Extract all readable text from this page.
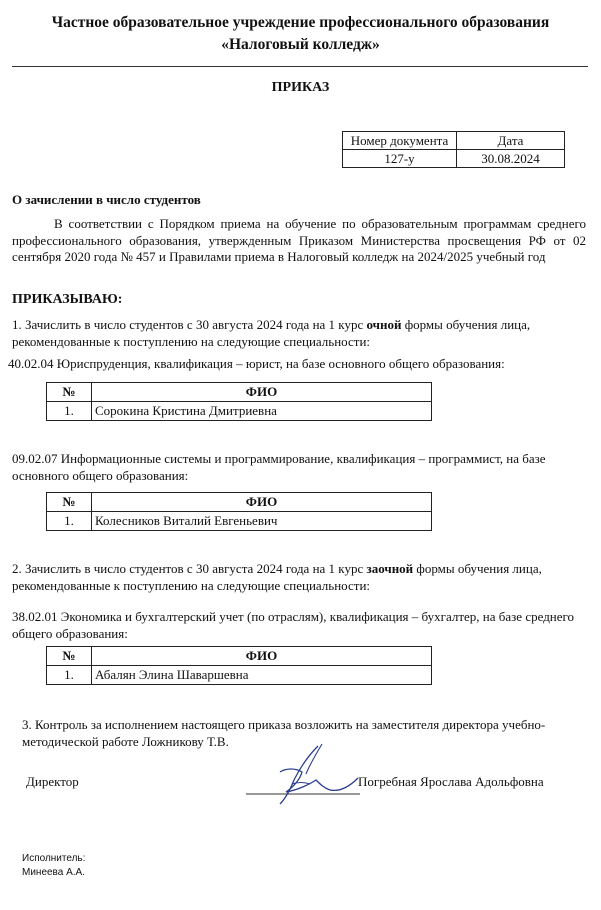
Частное образовательное учреждение профессионального образования
«Налоговый колледж»
ПРИКАЗ
Номер документа	Дата
127-у	30.08.2024
О зачислении в число студентов
В соответствии с Порядком приема на обучение по образовательным программам среднего профессионального образования, утвержденным Приказом Министерства просвещения РФ от 02 сентября 2020 года № 457 и Правилами приема в Налоговый колледж на 2024/2025 учебный год
ПРИКАЗЫВАЮ:
1. Зачислить в число студентов с 30 августа 2024 года на 1 курс очной формы обучения лица, рекомендованные к поступлению на следующие специальности:
40.02.04 Юриспруденция, квалификация – юрист, на базе основного общего образования:
№	ФИО
1.	Сорокина Кристина Дмитриевна
09.02.07 Информационные системы и программирование, квалификация – программист, на базе основного общего образования:
№	ФИО
1.	Колесников Виталий Евгеньевич
2. Зачислить в число студентов с 30 августа 2024 года на 1 курс заочной формы обучения лица, рекомендованные к поступлению на следующие специальности:
38.02.01 Экономика и бухгалтерский учет (по отраслям), квалификация – бухгалтер, на базе среднего общего образования:
№	ФИО
1.	Абалян Элина Шаваршевна
3. Контроль за исполнением настоящего приказа возложить на заместителя директора учебно-методической работе Ложникову Т.В.
Директор	Погребная Ярослава Адольфовна
Исполнитель:
Минеева А.А.
